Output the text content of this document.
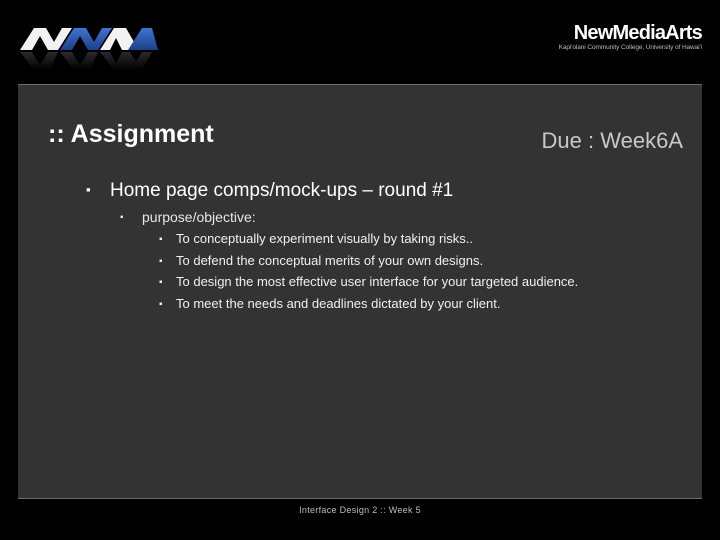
NewMediaArts
Kapi'olani Community College, University of Hawai'i
:: Assignment	Due : Week6A
▪ Home page comps/mock-ups – round #1
▪ purpose/objective:
▪ To conceptually experiment visually by taking risks..
▪ To defend the conceptual merits of your own designs.
▪ To design the most effective user interface for your targeted audience.
▪ To meet the needs and deadlines dictated by your client.
Interface Design 2 :: Week 5
